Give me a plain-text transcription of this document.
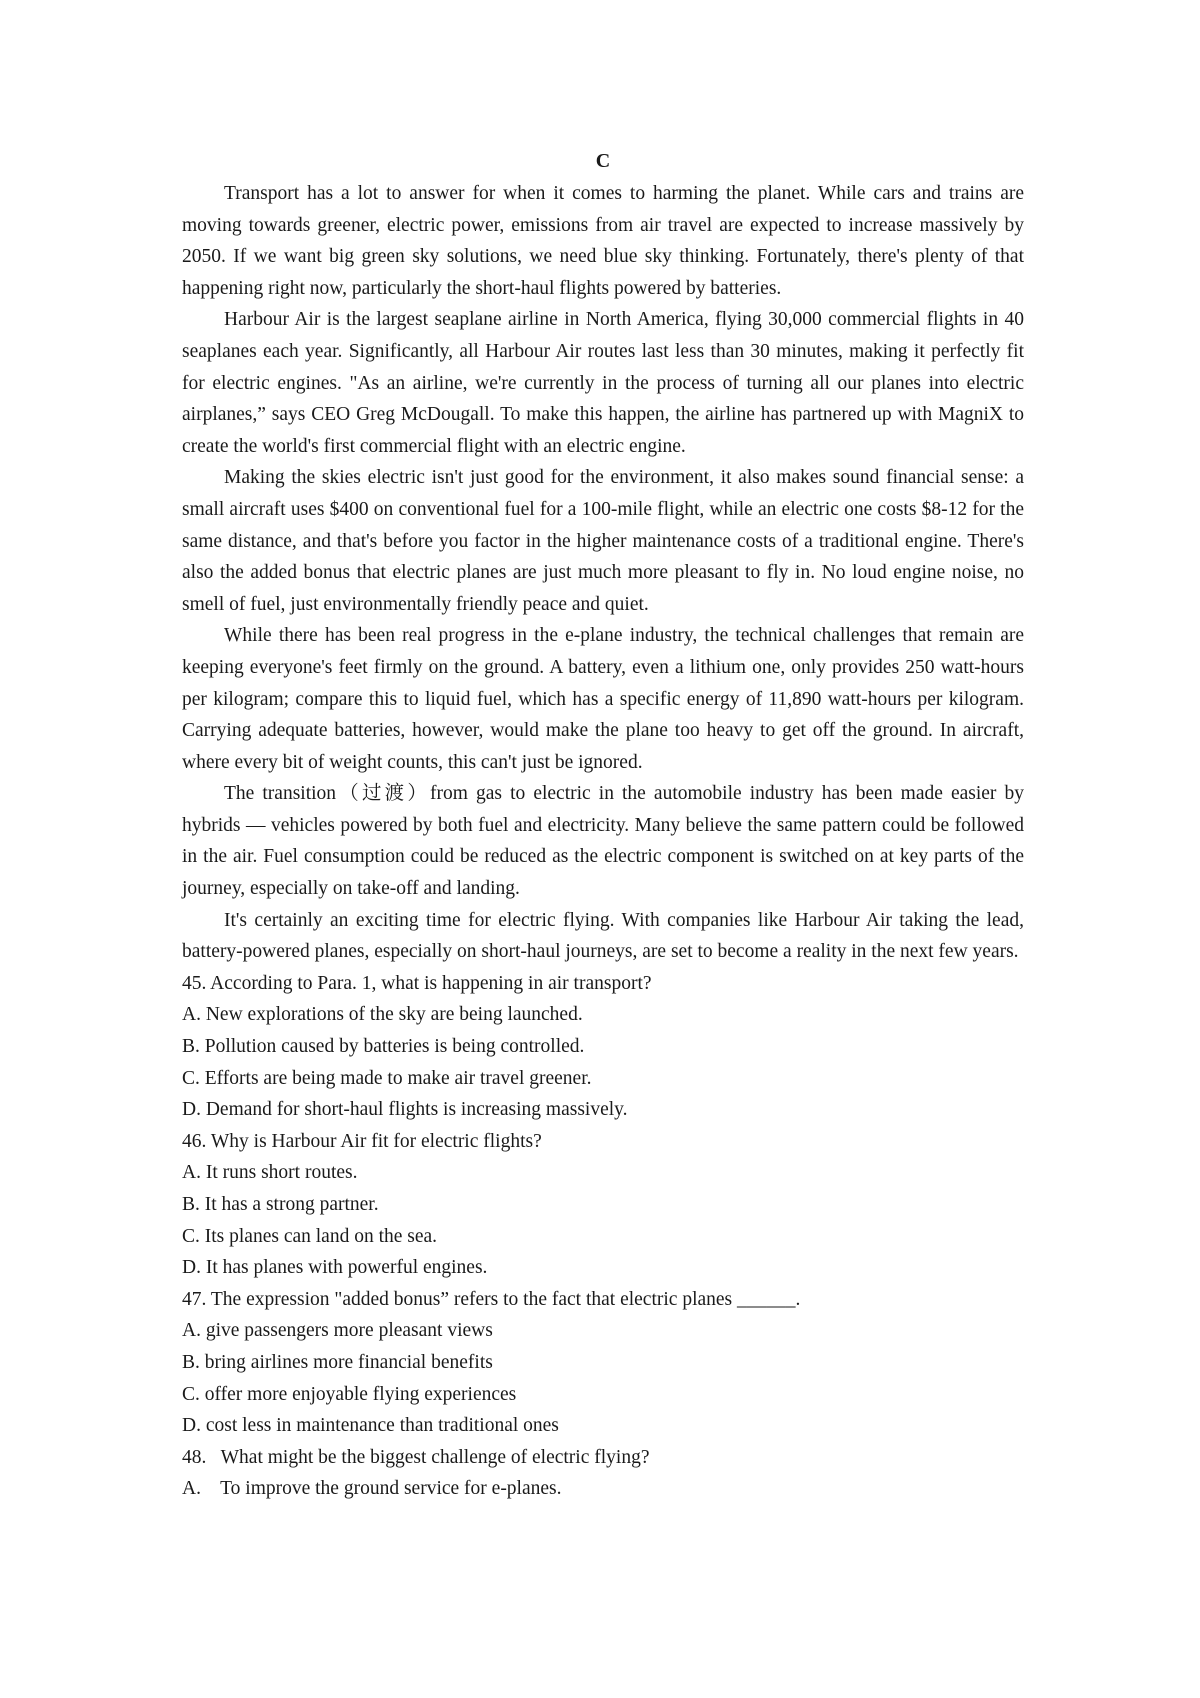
C

Transport has a lot to answer for when it comes to harming the planet. While cars and trains are moving towards greener, electric power, emissions from air travel are expected to increase massively by 2050. If we want big green sky solutions, we need blue sky thinking. Fortunately, there's plenty of that happening right now, particularly the short-haul flights powered by batteries.

Harbour Air is the largest seaplane airline in North America, flying 30,000 commercial flights in 40 seaplanes each year. Significantly, all Harbour Air routes last less than 30 minutes, making it perfectly fit for electric engines. "As an airline, we're currently in the process of turning all our planes into electric airplanes,” says CEO Greg McDougall. To make this happen, the airline has partnered up with MagniX to create the world's first commercial flight with an electric engine.

Making the skies electric isn't just good for the environment, it also makes sound financial sense: a small aircraft uses $400 on conventional fuel for a 100-mile flight, while an electric one costs $8-12 for the same distance, and that's before you factor in the higher maintenance costs of a traditional engine. There's also the added bonus that electric planes are just much more pleasant to fly in. No loud engine noise, no smell of fuel, just environmentally friendly peace and quiet.

While there has been real progress in the e-plane industry, the technical challenges that remain are keeping everyone's feet firmly on the ground. A battery, even a lithium one, only provides 250 watt-hours per kilogram; compare this to liquid fuel, which has a specific energy of 11,890 watt-hours per kilogram. Carrying adequate batteries, however, would make the plane too heavy to get off the ground. In aircraft, where every bit of weight counts, this can't just be ignored.

The transition（过渡）from gas to electric in the automobile industry has been made easier by hybrids — vehicles powered by both fuel and electricity. Many believe the same pattern could be followed in the air. Fuel consumption could be reduced as the electric component is switched on at key parts of the journey, especially on take-off and landing.

It's certainly an exciting time for electric flying. With companies like Harbour Air taking the lead, battery-powered planes, especially on short-haul journeys, are set to become a reality in the next few years.

45. According to Para. 1, what is happening in air transport?

A. New explorations of the sky are being launched.

B. Pollution caused by batteries is being controlled.

C. Efforts are being made to make air travel greener.

D. Demand for short-haul flights is increasing massively.

46. Why is Harbour Air fit for electric flights?

A. It runs short routes.

B. It has a strong partner.

C. Its planes can land on the sea.

D. It has planes with powerful engines.

47. The expression "added bonus” refers to the fact that electric planes ______.

A. give passengers more pleasant views

B. bring airlines more financial benefits

C. offer more enjoyable flying experiences

D. cost less in maintenance than traditional ones

48.   What might be the biggest challenge of electric flying?

A.    To improve the ground service for e-planes.
